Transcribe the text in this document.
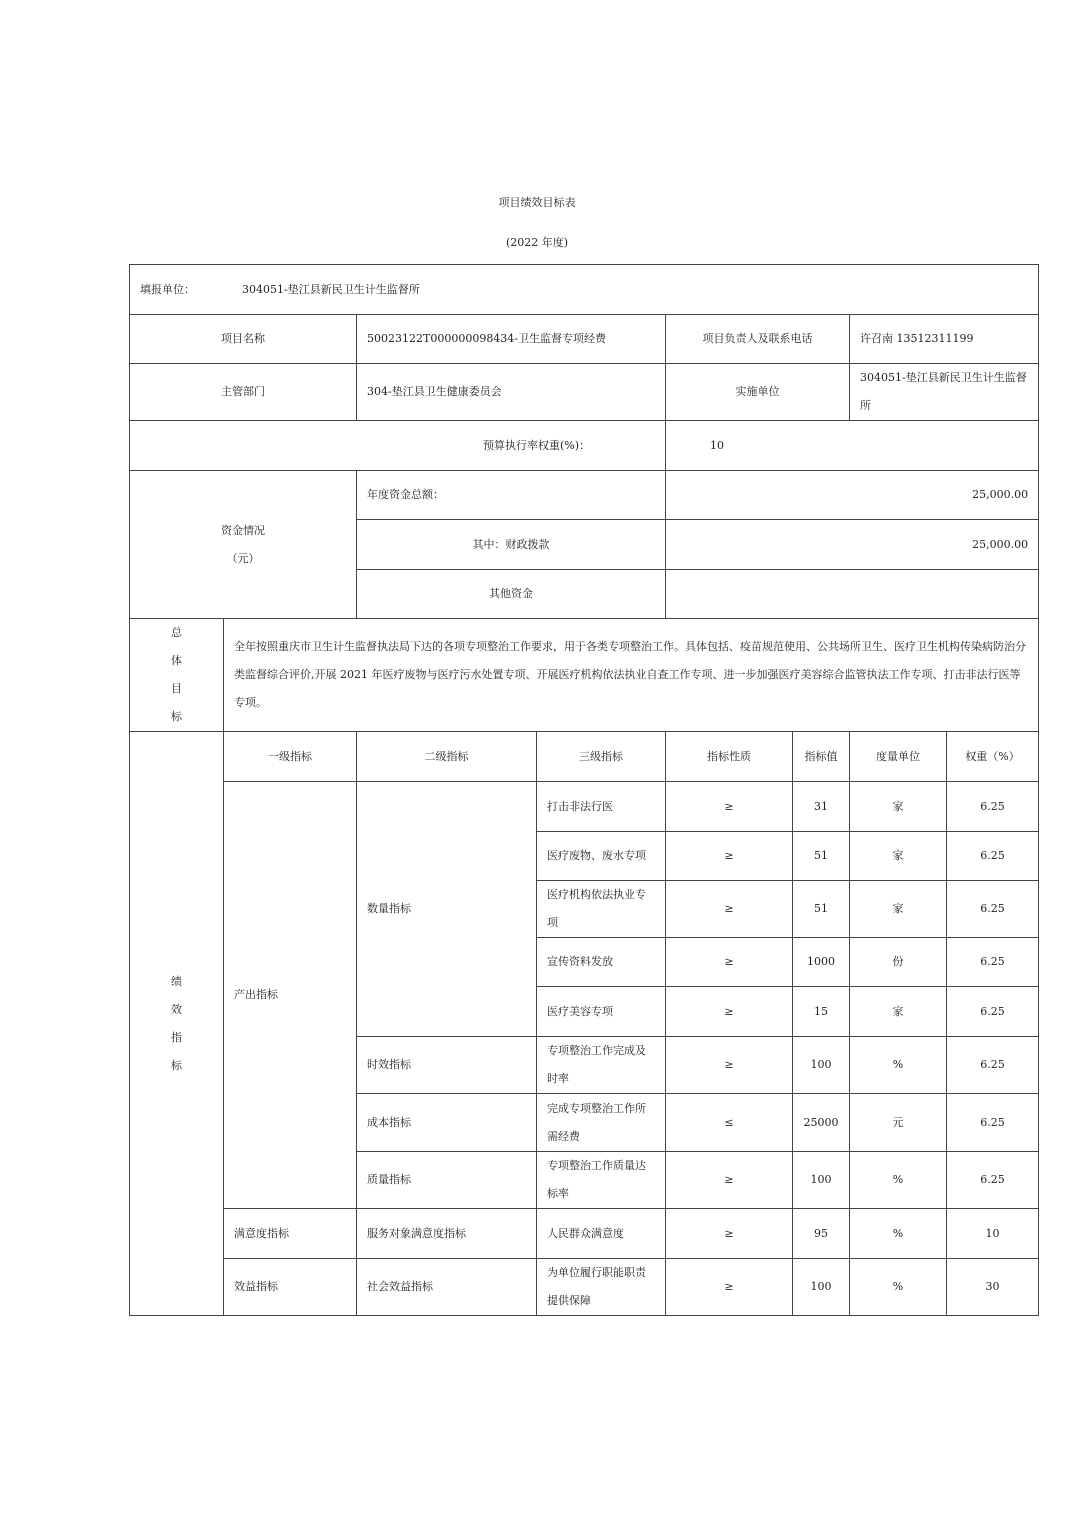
项目绩效目标表
(2022 年度)
填报单位： 304051-垫江县新民卫生计生监督所							
项目名称		50023122T000000098434-卫生监督专项经费		项目负责人及联系电话		许召南 13512311199	
主管部门		304-垫江县卫生健康委员会		实施单位		304051-垫江县新民卫生计生监督所	
预算执行率权重(%)：				10			

资金情况
（元）		年度资金总额：		25,000.00			
		其中：财政拨款		25,000.00			
		其他资金					

总
体
目
标	全年按照重庆市卫生计生监督执法局下达的各项专项整治工作要求，用于各类专项整治工作。具体包括、疫苗规范使用、公共场所卫生、医疗卫生机构传染病防治分类监督综合评价,开展 2021 年医疗废物与医疗污水处置专项、开展医疗机构依法执业自查工作专项、进一步加强医疗美容综合监管执法工作专项、打击非法行医等专项。						

绩
效
指
标	一级指标	二级指标	三级指标	指标性质	指标值	度量单位	权重（%）
	产出指标	数量指标	打击非法行医	≥	31	家	6.25
			医疗废物、废水专项	≥	51	家	6.25
			医疗机构依法执业专项	≥	51	家	6.25
			宣传资料发放	≥	1000	份	6.25
			医疗美容专项	≥	15	家	6.25
		时效指标	专项整治工作完成及时率	≥	100	%	6.25
		成本指标	完成专项整治工作所需经费	≤	25000	元	6.25
		质量指标	专项整治工作质量达标率	≥	100	%	6.25
	满意度指标	服务对象满意度指标	人民群众满意度	≥	95	%	10
	效益指标	社会效益指标	为单位履行职能职责提供保障	≥	100	%	30
